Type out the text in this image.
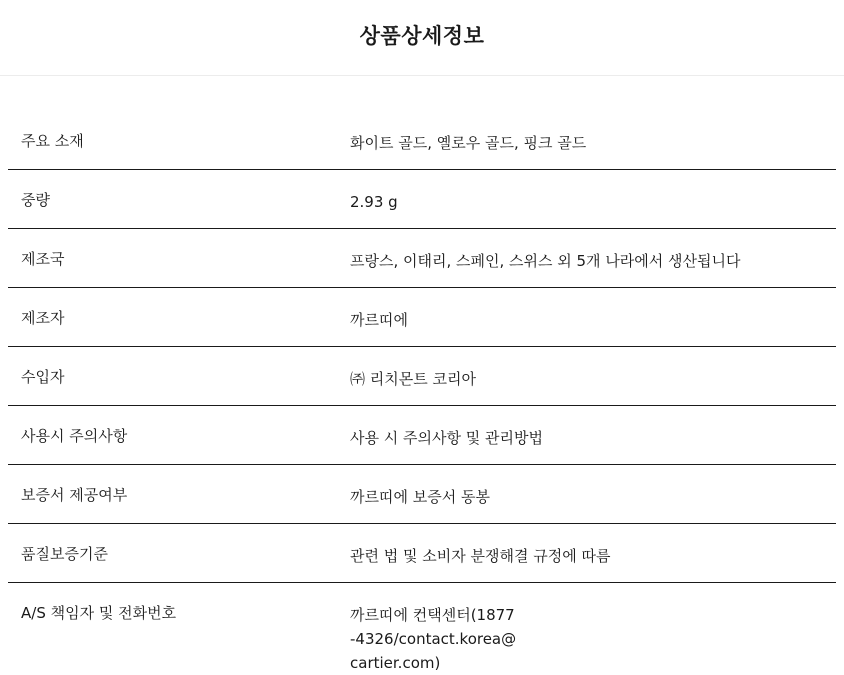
상품상세정보
주요 소재	화이트 골드, 옐로우 골드, 핑크 골드
중량	2.93 g
제조국	프랑스, 이태리, 스페인, 스위스 외 5개 나라에서 생산됩니다
제조자	까르띠에
수입자	㈜ 리치몬트 코리아
사용시 주의사항	사용 시 주의사항 및 관리방법
보증서 제공여부	까르띠에 보증서 동봉
품질보증기준	관련 법 및 소비자 분쟁해결 규정에 따름
A/S 책임자 및 전화번호	까르띠에 컨택센터(1877-4326/contact.korea@cartier.com)
